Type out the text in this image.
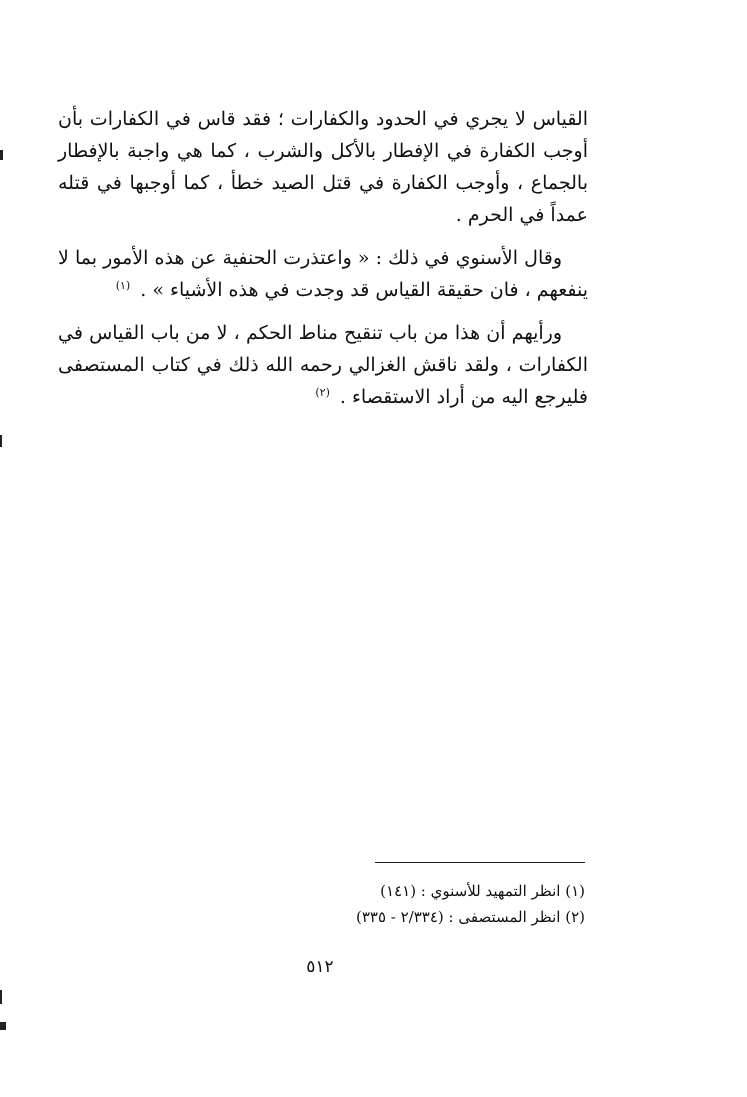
القياس لا يجري في الحدود والكفارات ؛ فقد قاس في الكفارات بأن أوجب الكفارة في الإفطار بالأكل والشرب ، كما هي واجبة بالإفطار بالجماع ، وأوجب الكفارة في قتل الصيد خطأ ، كما أوجبها في قتله عمداً في الحرم .

وقال الأسنوي في ذلك : « واعتذرت الحنفية عن هذه الأمور بما لا ينفعهم ، فان حقيقة القياس قد وجدت في هذه الأشياء » . $^{(١)}$

ورأيهم أن هذا من باب تنقيح مناط الحكم ، لا من باب القياس في الكفارات ، ولقد ناقش الغزالي رحمه الله ذلك في كتاب المستصفى فليرجع اليه من أراد الاستقصاء . $^{(٢)}$

(١) انظر التمهيد للأسنوي : (١٤١)

(٢) انظر المستصفى : (٢/٣٣٤ - ٣٣٥)

٥١٢
